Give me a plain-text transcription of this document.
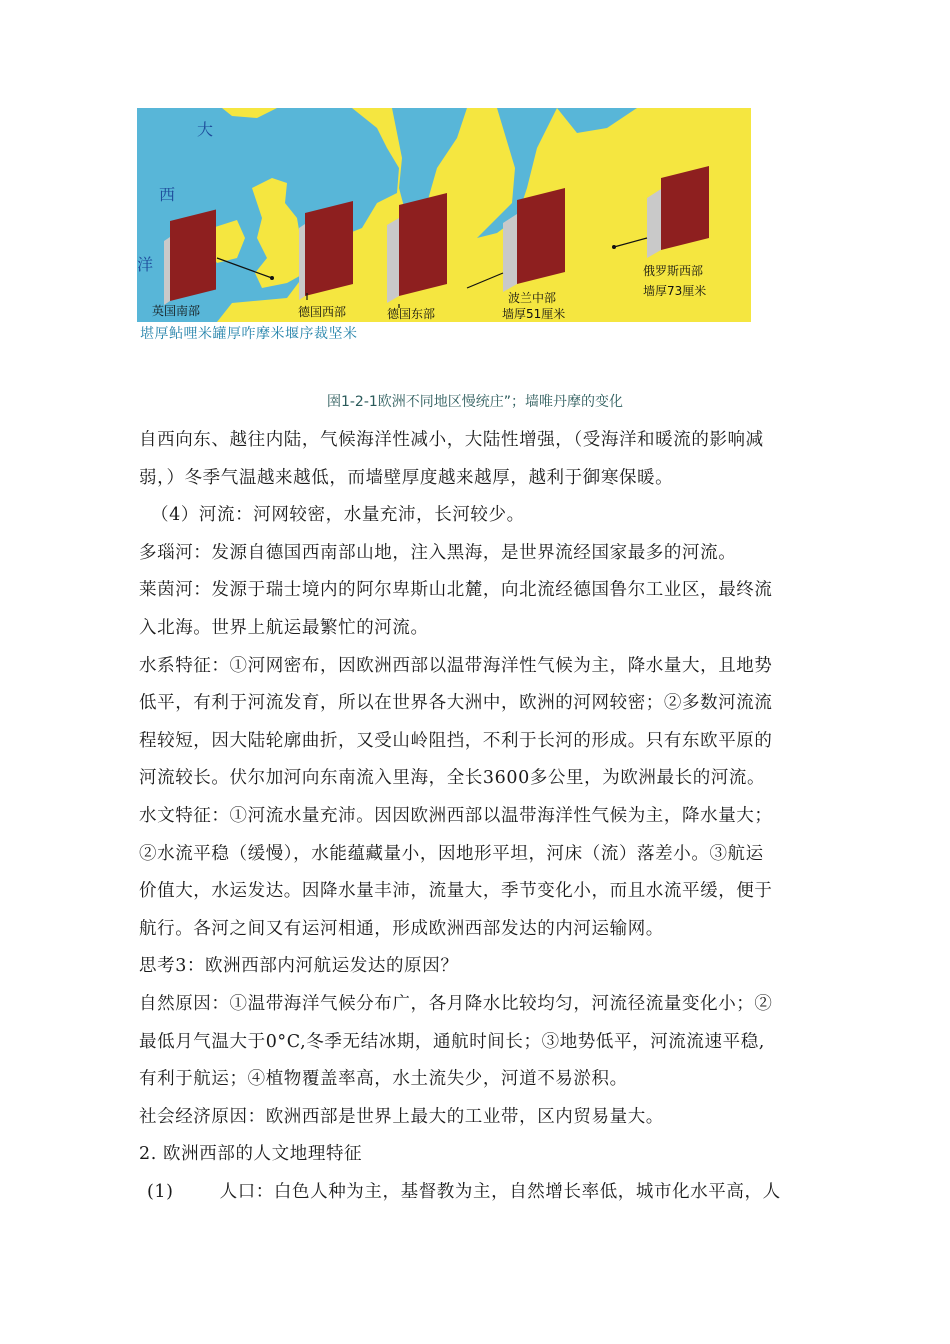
大
西
洋
英国南部	德国西部	德国东部
波兰中部
墙厚51厘米
俄罗斯西部
墙厚73厘米
堪厚鲇哩米罐厚咋摩米堰序裁坚米
圉1-2-1欧洲不同地区慢统庄”；墙唯丹摩的变化
自西向东、越往内陆，气候海洋性减小，大陆性增强，（受海洋和暖流的影响减
弱，）冬季气温越来越低，而墙壁厚度越来越厚，越利于御寒保暖。
（4）河流：河网较密，水量充沛，长河较少。
多瑙河：发源自德国西南部山地，注入黑海，是世界流经国家最多的河流。
莱茵河：发源于瑞士境内的阿尔卑斯山北麓，向北流经德国鲁尔工业区，最终流
入北海。世界上航运最繁忙的河流。
水系特征：①河网密布，因欧洲西部以温带海洋性气候为主，降水量大，且地势
低平，有利于河流发育，所以在世界各大洲中，欧洲的河网较密；②多数河流流
程较短，因大陆轮廓曲折，又受山岭阻挡，不利于长河的形成。只有东欧平原的
河流较长。伏尔加河向东南流入里海，全长3600多公里，为欧洲最长的河流。
水文特征：①河流水量充沛。因因欧洲西部以温带海洋性气候为主，降水量大；
②水流平稳（缓慢），水能蕴藏量小，因地形平坦，河床（流）落差小。③航运
价值大，水运发达。因降水量丰沛，流量大，季节变化小，而且水流平缓，便于
航行。各河之间又有运河相通，形成欧洲西部发达的内河运输网。
思考3：欧洲西部内河航运发达的原因？
自然原因：①温带海洋气候分布广，各月降水比较均匀，河流径流量变化小；②
最低月气温大于0°C,冬季无结冰期，通航时间长；③地势低平，河流流速平稳,
有利于航运；④植物覆盖率高，水土流失少，河道不易淤积。
社会经济原因：欧洲西部是世界上最大的工业带，区内贸易量大。
2. 欧洲西部的人文地理特征
(1)	人口：白色人种为主，基督教为主，自然增长率低，城市化水平高，人
